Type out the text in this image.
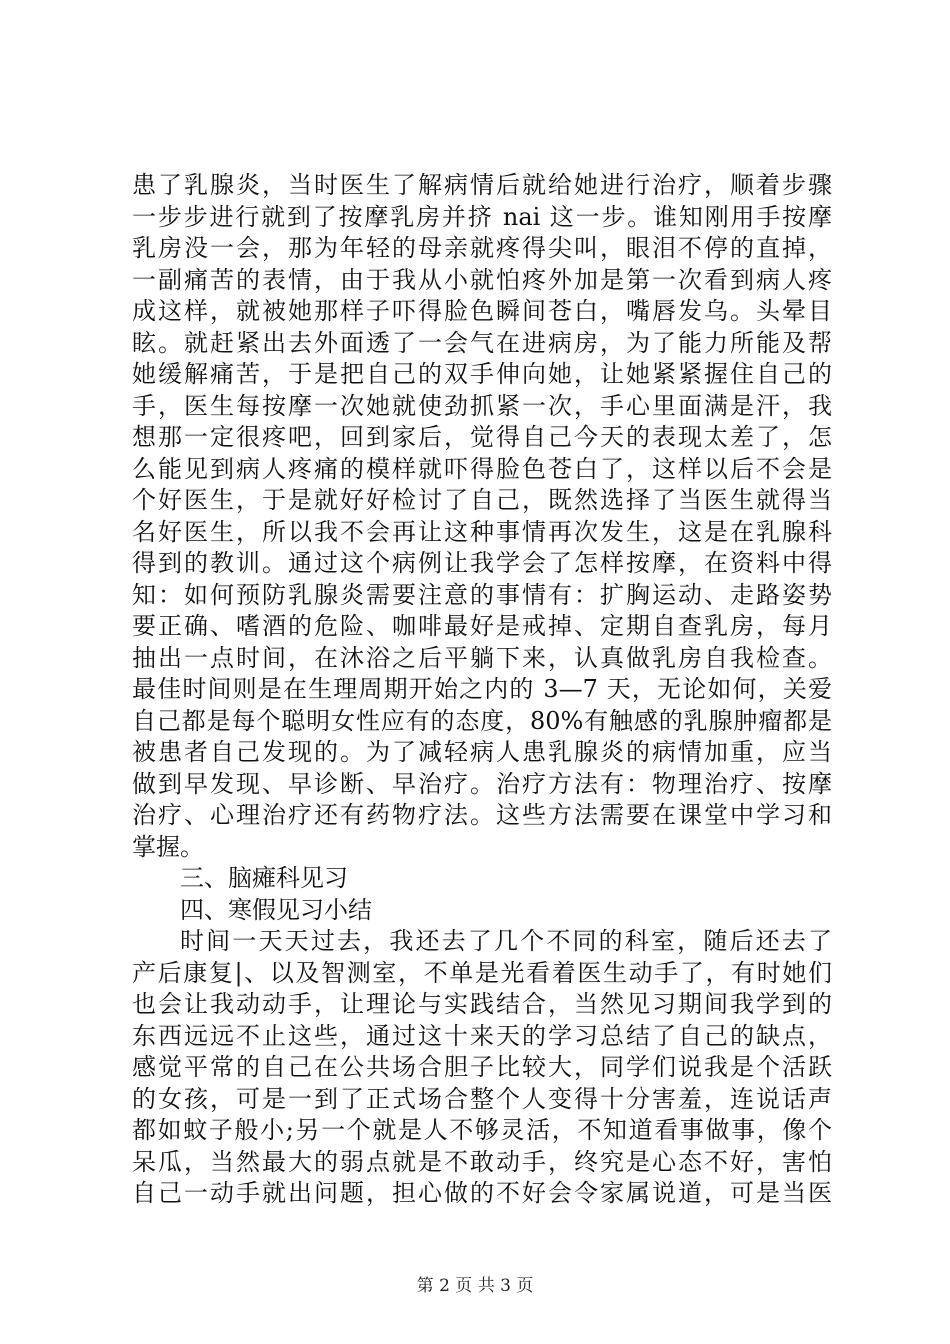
患了乳腺炎，当时医生了解病情后就给她进行治疗，顺着步骤
一步步进行就到了按摩乳房并挤 nai 这一步。谁知刚用手按摩
乳房没一会，那为年轻的母亲就疼得尖叫，眼泪不停的直掉，
一副痛苦的表情，由于我从小就怕疼外加是第一次看到病人疼
成这样，就被她那样子吓得脸色瞬间苍白，嘴唇发乌。头晕目
眩。就赶紧出去外面透了一会气在进病房，为了能力所能及帮
她缓解痛苦，于是把自己的双手伸向她，让她紧紧握住自己的
手，医生每按摩一次她就使劲抓紧一次，手心里面满是汗，我
想那一定很疼吧，回到家后，觉得自己今天的表现太差了，怎
么能见到病人疼痛的模样就吓得脸色苍白了，这样以后不会是
个好医生，于是就好好检讨了自己，既然选择了当医生就得当
名好医生，所以我不会再让这种事情再次发生，这是在乳腺科
得到的教训。通过这个病例让我学会了怎样按摩，在资料中得
知：如何预防乳腺炎需要注意的事情有：扩胸运动、走路姿势
要正确、嗜酒的危险、咖啡最好是戒掉、定期自查乳房，每月
抽出一点时间，在沐浴之后平躺下来，认真做乳房自我检查。
最佳时间则是在生理周期开始之内的 3—7 天，无论如何，关爱
自己都是每个聪明女性应有的态度，80%有触感的乳腺肿瘤都是
被患者自己发现的。为了减轻病人患乳腺炎的病情加重，应当
做到早发现、早诊断、早治疗。治疗方法有：物理治疗、按摩
治疗、心理治疗还有药物疗法。这些方法需要在课堂中学习和
掌握。
三、脑瘫科见习
四、寒假见习小结
时间一天天过去，我还去了几个不同的科室，随后还去了
产后康复|、以及智测室，不单是光看着医生动手了，有时她们
也会让我动动手，让理论与实践结合，当然见习期间我学到的
东西远远不止这些，通过这十来天的学习总结了自己的缺点，
感觉平常的自己在公共场合胆子比较大，同学们说我是个活跃
的女孩，可是一到了正式场合整个人变得十分害羞，连说话声
都如蚊子般小;另一个就是人不够灵活，不知道看事做事，像个
呆瓜，当然最大的弱点就是不敢动手，终究是心态不好，害怕
自己一动手就出问题，担心做的不好会令家属说道，可是当医
第 2 页 共 3 页
